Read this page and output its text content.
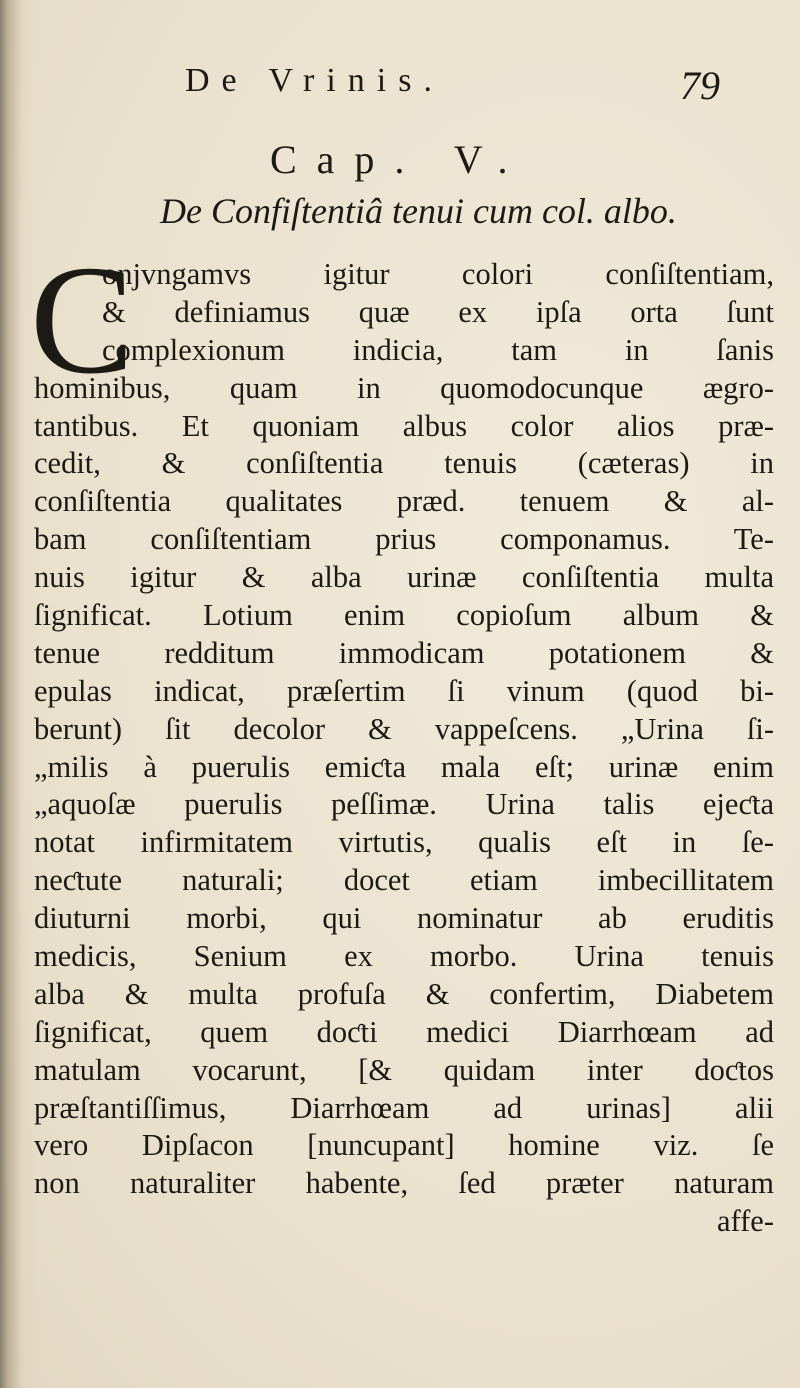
De Vrinis.	79
Cap. V.
De Confiſtentiâ tenui cum col. albo.
C
onjvngamvs igitur colori conſiſtentiam,
& definiamus quæ ex ipſa orta ſunt
complexionum indicia, tam in ſanis
hominibus, quam in quomodocunque ægro-
tantibus. Et quoniam albus color alios præ-
cedit, & conſiſtentia tenuis (cæteras) in
conſiſtentia qualitates præd. tenuem & al-
bam conſiſtentiam prius componamus. Te-
nuis igitur & alba urinæ conſiſtentia multa
ſignificat. Lotium enim copioſum album &
tenue redditum immodicam potationem &
epulas indicat, præſertim ſi vinum (quod bi-
berunt) ſit decolor & vappeſcens. „Urina ſi-
„milis à puerulis emiƈta mala eſt; urinæ enim
„aquoſæ puerulis peſſimæ. Urina talis ejeƈta
notat infirmitatem virtutis, qualis eſt in ſe-
neƈtute naturali; docet etiam imbecillitatem
diuturni morbi, qui nominatur ab eruditis
medicis, Senium ex morbo. Urina tenuis
alba & multa profuſa & confertim, Diabetem
ſignificat, quem doƈti medici Diarrhœam ad
matulam vocarunt, [& quidam inter doƈtos
præſtantiſſimus, Diarrhœam ad urinas] alii
vero Dipſacon [nuncupant] homine viz. ſe
non naturaliter habente, ſed præter naturam
affe-
